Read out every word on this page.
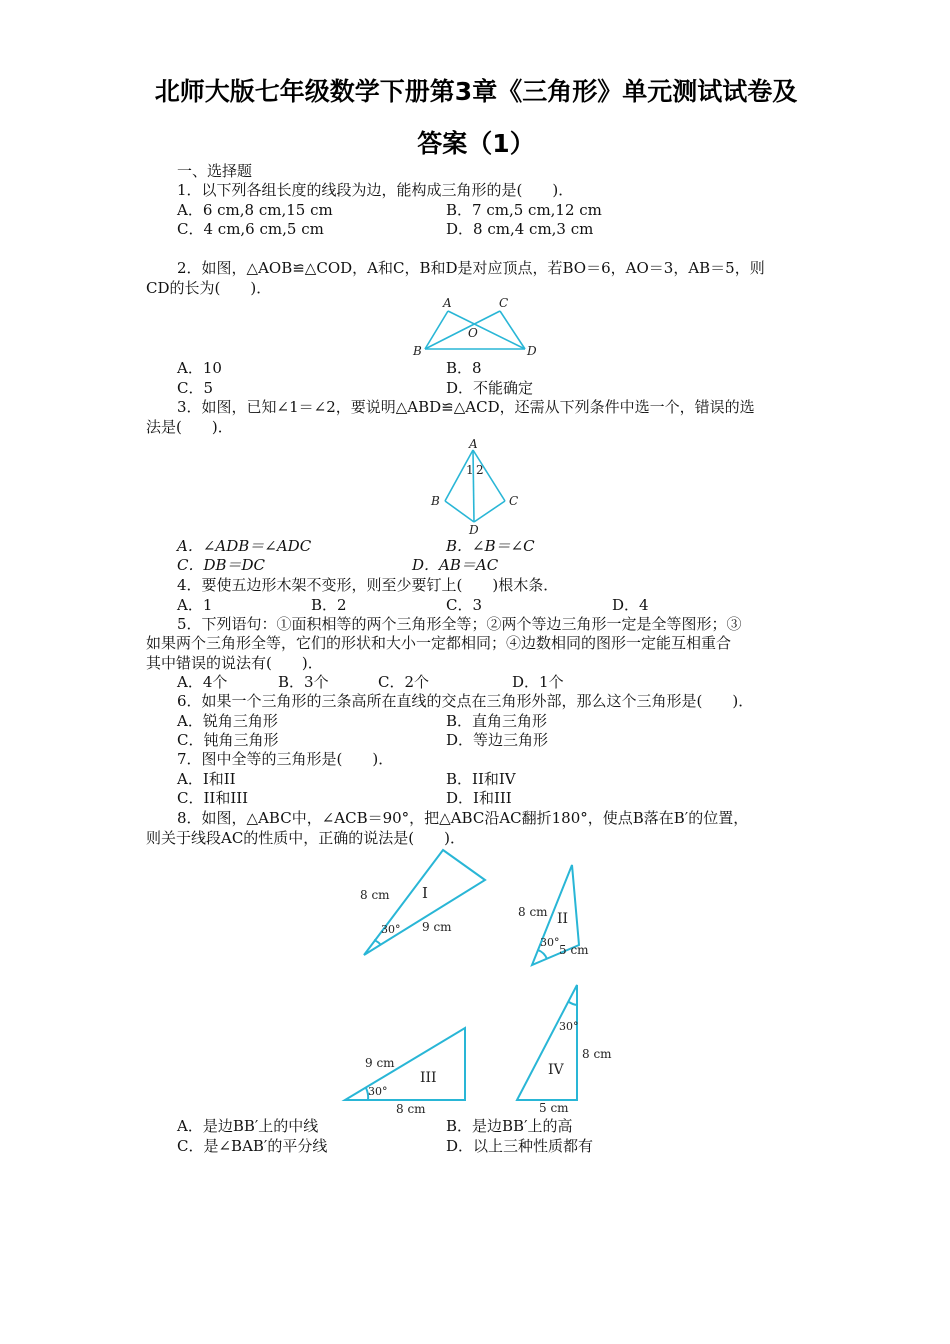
北师大版七年级数学下册第3章《三角形》单元测试试卷及
答案（1）
一、选择题
1．以下列各组长度的线段为边，能构成三角形的是(　　)．
A．6 cm,8 cm,15 cm	B．7 cm,5 cm,12 cm
C．4 cm,6 cm,5 cm	D．8 cm,4 cm,3 cm
2．如图，△AOB≌△COD，A和C，B和D是对应顶点，若BO＝6，AO＝3，AB＝5，则
CD的长为(　　)．
A	C
O
B	D
A．10	B．8
C．5	D．不能确定
3．如图，已知∠1＝∠2，要说明△ABD≌△ACD，还需从下列条件中选一个，错误的选
法是(　　)．
A
1 2
B	C
D
A．∠ADB＝∠ADC	B．∠B＝∠C
C．DB＝DC	D．AB＝AC
4．要使五边形木架不变形，则至少要钉上(　　)根木条．
A．1	B．2	C．3	D．4
5．下列语句：①面积相等的两个三角形全等；②两个等边三角形一定是全等图形；③
如果两个三角形全等，它们的形状和大小一定都相同；④边数相同的图形一定能互相重合
其中错误的说法有(　　)．
A．4个	B．3个	C．2个	D．1个
6．如果一个三角形的三条高所在直线的交点在三角形外部，那么这个三角形是(　　)．
A．锐角三角形	B．直角三角形
C．钝角三角形	D．等边三角形
7．图中全等的三角形是(　　)．
A．I和II	B．II和IV
C．II和III	D．I和III
8．如图，△ABC中，∠ACB＝90°，把△ABC沿AC翻折180°，使点B落在B′的位置，
则关于线段AC的性质中，正确的说法是(　　)．
8 cm I
30° 9 cm
8 cm II
30°
5 cm
9 cm
III
30°
8 cm
30°
8 cm
IV
5 cm
A．是边BB′上的中线	B．是边BB′上的高
C．是∠BAB′的平分线	D．以上三种性质都有
